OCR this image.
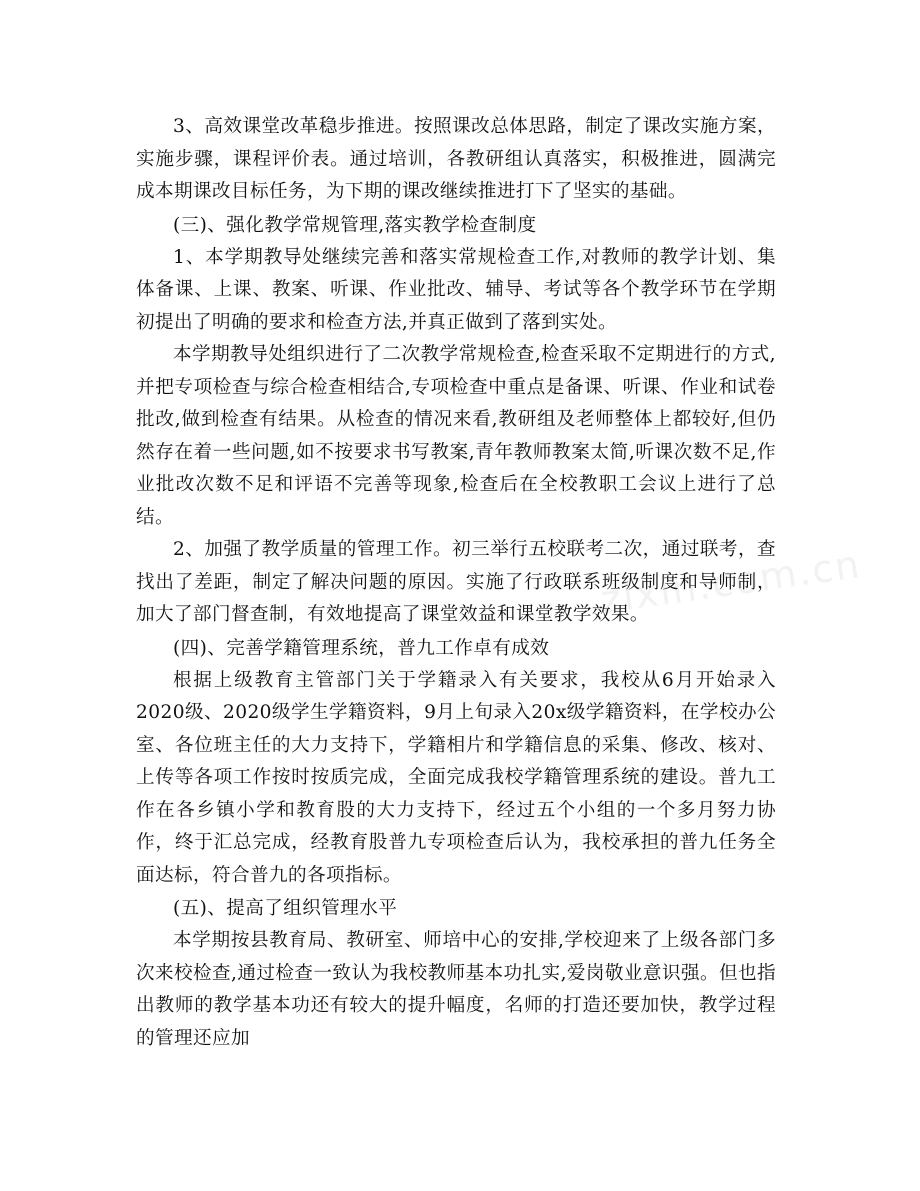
3、高效课堂改革稳步推进。按照课改总体思路，制定了课改实施方案，实施步骤，课程评价表。通过培训，各教研组认真落实，积极推进，圆满完成本期课改目标任务，为下期的课改继续推进打下了坚实的基础。

(三)、强化教学常规管理,落实教学检查制度

1、本学期教导处继续完善和落实常规检查工作,对教师的教学计划、集体备课、上课、教案、听课、作业批改、辅导、考试等各个教学环节在学期初提出了明确的要求和检查方法,并真正做到了落到实处。

本学期教导处组织进行了二次教学常规检查,检查采取不定期进行的方式,并把专项检查与综合检查相结合,专项检查中重点是备课、听课、作业和试卷批改,做到检查有结果。从检查的情况来看,教研组及老师整体上都较好,但仍然存在着一些问题,如不按要求书写教案,青年教师教案太简,听课次数不足,作业批改次数不足和评语不完善等现象,检查后在全校教职工会议上进行了总结。

2、加强了教学质量的管理工作。初三举行五校联考二次，通过联考，查找出了差距，制定了解决问题的原因。实施了行政联系班级制度和导师制，加大了部门督查制，有效地提高了课堂效益和课堂教学效果。

(四)、完善学籍管理系统，普九工作卓有成效

根据上级教育主管部门关于学籍录入有关要求，我校从6月开始录入2020级、2020级学生学籍资料，9月上旬录入20x级学籍资料，在学校办公室、各位班主任的大力支持下，学籍相片和学籍信息的采集、修改、核对、上传等各项工作按时按质完成，全面完成我校学籍管理系统的建设。普九工作在各乡镇小学和教育股的大力支持下，经过五个小组的一个多月努力协作，终于汇总完成，经教育股普九专项检查后认为，我校承担的普九任务全面达标，符合普九的各项指标。

(五)、提高了组织管理水平

本学期按县教育局、教研室、师培中心的安排,学校迎来了上级各部门多次来校检查,通过检查一致认为我校教师基本功扎实,爱岗敬业意识强。但也指出教师的教学基本功还有较大的提升幅度，名师的打造还要加快，教学过程的管理还应加

zixin.com.cn
